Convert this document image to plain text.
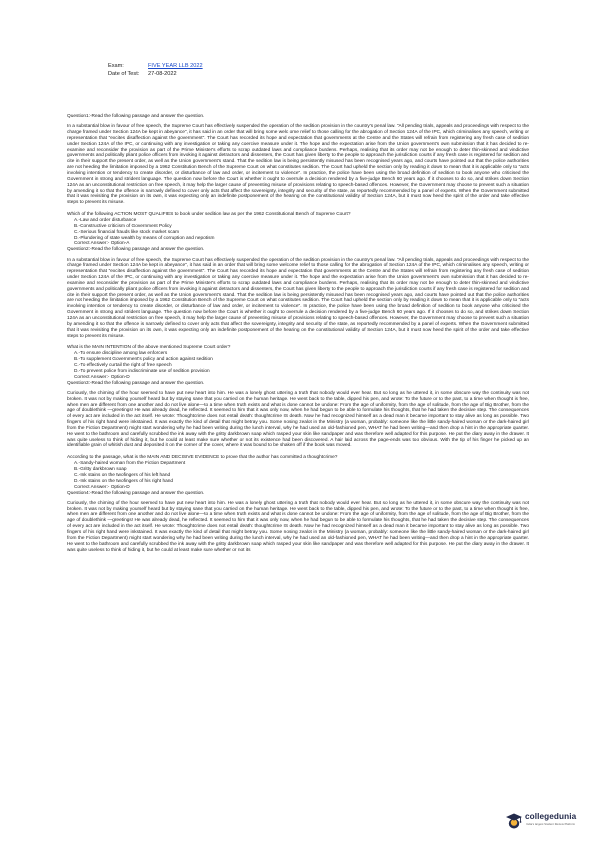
Exam:	FIVE YEAR LLB 2022
Date of Test: 27-08-2022

Question1:-Read the following passage and answer the question.

In a substantial blow in favour of free speech, the Supreme Court has effectively suspended the operation of the sedition provision in the country's penal law. "All pending trials, appeals and proceedings with respect to the charge framed under Section 124A be kept in abeyance", it has said in an order that will bring some welc ome relief to those calling for the abrogation of Section 124A of the IPC, which criminalises any speech, writing or representation that "excites disaffection against the government". The Court has recorded its hope and expectation that governments at the Centre and the States will refrain from registering any fresh case of sedition under Section 124A of the IPC, or continuing with any investigation or taking any coercive measure under it. The hope and the expectation arise from the Union government's own submission that it has decided to re-examine and reconsider the provision as part of the Prime Minister's efforts to scrap outdated laws and compliance burdens. Perhaps, realising that its order may not be enough to deter thin-skinned and vindictive governments and politically pliant police officers from invoking it against detractors and dissenters, the Court has given liberty to the people to approach the jurisdiction courts if any fresh case is registered for sedition and cite in their support the present order, as well as the Union government's stand. That the sedition law is being persistently misused has been recognised years ago, and courts have pointed out that the police authorities are not heeding the limitation imposed by a 1962 Constitution Bench of the Supreme Court on what constitutes sedition. The Court had upheld the section only by reading it down to mean that it is applicable only to "acts involving intention or tendency to create disorder, or disturbance of law and order, or incitement to violence". In practice, the police have been using the broad definition of sedition to book anyone who criticised the Government in strong and strident language. The question now before the Court is whether it ought to overrule a decision rendered by a five-judge Bench 60 years ago. If it chooses to do so, and strikes down Section 124A as an unconstitutional restriction on free speech, it may help the larger cause of preventing misuse of provisions relating to speech-based offences. However, the Government may choose to prevent such a situation by amending it so that the offence is narrowly defined to cover only acts that affect the sovereignty, integrity and security of the state, as reportedly recommended by a panel of experts. When the Government submitted that it was revisiting the provision on its own, it was expecting only an indefinite postponement of the hearing on the constitutional validity of Section 124A, but it must now heed the spirit of the order and take effective steps to prevent its misuse.

Which of the following ACTION MOST QUALIFIES to book under sedition law as per the 1962 Constitutional Bench of Supreme Court?

A.-Law and order disturbance
B.-Constructive criticism of Government Policy
C.-Serious financial frauds like stock market scam
D.-Plundering of state wealth by means of corruption and nepotism
Correct Answer:- Option-A

Question2:-Read the following passage and answer the question.

In a substantial blow in favour of free speech, the Supreme Court has effectively suspended the operation of the sedition provision in the country's penal law. "All pending trials, appeals and proceedings with respect to the charge framed under Section 124A be kept in abeyance", it has said in an order that will bring some welcome relief to those calling for the abrogation of Section 124A of the IPC, which criminalises any speech, writing or representation that "excites disaffection against the government". The Court has recorded its hope and expectation that governments at the Centre and the States will refrain from registering any fresh case of sedition under Section 124A of the IPC, or continuing with any investigation or taking any coercive measure under it. The hope and the expectation arise from the Union government's own submission that it has decided to re-examine and reconsider the provision as part of the Prime Minister's efforts to scrap outdated laws and compliance burdens. Perhaps, realising that its order may not be enough to deter thin-skinned and vindictive governments and politically pliant police officers from invoking it against detractors and dissenters, the Court has given liberty to the people to approach the jurisdiction courts if any fresh case is registered for sedition and cite in their support the present order, as well as the Union government's stand. That the sedition law is being persistently misused has been recognised years ago, and courts have pointed out that the police authorities are not heeding the limitation imposed by a 1962 Constitution Bench of the Supreme Court on what constitutes sedition. The Court had upheld the section only by reading it down to mean that it is applicable only to "acts involving intention or tendency to create disorder, or disturbance of law and order, or incitement to violence". In practice, the police have been using the broad definition of sedition to book anyone who criticised the Government in strong and strident language. The question now before the Court is whether it ought to overrule a decision rendered by a five-judge Bench 60 years ago. If it chooses to do so, and strikes down Section 124A as an unconstitutional restriction on free speech, it may help the larger cause of preventing misuse of provisions relating to speech-based offences. However, the Government may choose to prevent such a situation by amending it so that the offence is narrowly defined to cover only acts that affect the sovereignty, integrity and security of the state, as reportedly recommended by a panel of experts. When the Government submitted that it was revisiting the provision on its own, it was expecting only an indefinite postponement of the hearing on the constitutional validity of Section 124A, but it must now heed the spirit of the order and take effective steps to prevent its misuse.

What is the MAIN INTENTION of the above mentioned Supreme Court order?

A.-To ensure discipline among law enforcers
B.-To supplement Government's policy and action against sedition
C.-To effectively curtail the right of free speech
D.-To prevent police from indiscriminate use of sedition provision
Correct Answer:- Option-D

Question3:-Read the following passage and answer the question.

Curiously, the chiming of the hour seemed to have put new heart into him. He was a lonely ghost uttering a truth that nobody would ever hear. But so long as he uttered it, in some obscure way the continuity was not broken. It was not by making yourself heard but by staying sane that you carried on the human heritage. He went back to the table, dipped his pen, and wrote: To the future or to the past, to a time when thought is free, when men are different from one another and do not live alone—to a time when truth exists and what is done cannot be undone: From the age of uniformity, from the age of solitude, from the age of Big Brother, from the age of doublethink —greetings! He was already dead, he reflected. It seemed to him that it was only now, when he had begun to be able to formulate his thoughts, that he had taken the decisive step. The consequences of every act are included in the act itself. He wrote: Thoughtcrime does not entail death: thoughtcrime IS death. Now he had recognized himself as a dead man it became important to stay alive as long as possible. Two fingers of his right hand were inkstained. It was exactly the kind of detail that might betray you. Some nosing zealot in the Ministry (a woman, probably: someone like the little sandy-haired woman or the dark-haired girl from the Fiction Department) might start wondering why he had been writing during the lunch interval, why he had used an old-fashioned pen, WHAT he had been writing—and then drop a hint in the appropriate quarter. He went to the bathroom and carefully scrubbed the ink away with the gritty darkbrown soap which rasped your skin like sandpaper and was therefore well adapted for this purpose. He put the diary away in the drawer. It was quite useless to think of hiding it, but he could at least make sure whether or not its existence had been discovered. A hair laid across the page-ends was too obvious. With the tip of his finger he picked up an identifiable grain of whitish dust and deposited it on the corner of the cover, where it was bound to be shaken off if the book was moved.

According to the passage, what is the MAIN AND DECISIVE EVIDENCE to prove that the author has committed a thoughtcrime?

A.-Sandy-haired woman from the Fiction Department
B.-Gritty darkbrown soap
C.-Ink stains on the twofingers of his left hand
D.-Ink stains on the twofingers of his right hand
Correct Answer:- Option-D

Question4:-Read the following passage and answer the question.

Curiously, the chiming of the hour seemed to have put new heart into him. He was a lonely ghost uttering a truth that nobody would ever hear. But so long as he uttered it, in some obscure way the continuity was not broken. It was not by making yourself heard but by staying sane that you carried on the human heritage. He went back to the table, dipped his pen, and wrote: To the future or to the past, to a time when thought is free, when men are different from one another and do not live alone—to a time when truth exists and what is done cannot be undone: From the age of uniformity, from the age of solitude, from the age of Big Brother, from the age of doublethink —greetings! He was already dead, he reflected. It seemed to him that it was only now, when he had begun to be able to formulate his thoughts, that he had taken the decisive step. The consequences of every act are included in the act itself. He wrote: Thoughtcrime does not entail death: thoughtcrime IS death. Now he had recognized himself as a dead man it became important to stay alive as long as possible. Two fingers of his right hand were inkstained. It was exactly the kind of detail that might betray you. Some nosing zealot in the Ministry (a woman, probably: someone like the little sandy-haired woman or the dark-haired girl from the Fiction Department) might start wondering why he had been writing during the lunch interval, why he had used an old-fashioned pen, WHAT he had been writing—and then drop a hint in the appropriate quarter. He went to the bathroom and carefully scrubbed the ink away with the gritty darkbrown soap which rasped your skin like sandpaper and was therefore well adapted for this purpose. He put the diary away in the drawer. It was quite useless to think of hiding it, but he could at least make sure whether or not its

collegedunia
India's largest Student Review Platform
